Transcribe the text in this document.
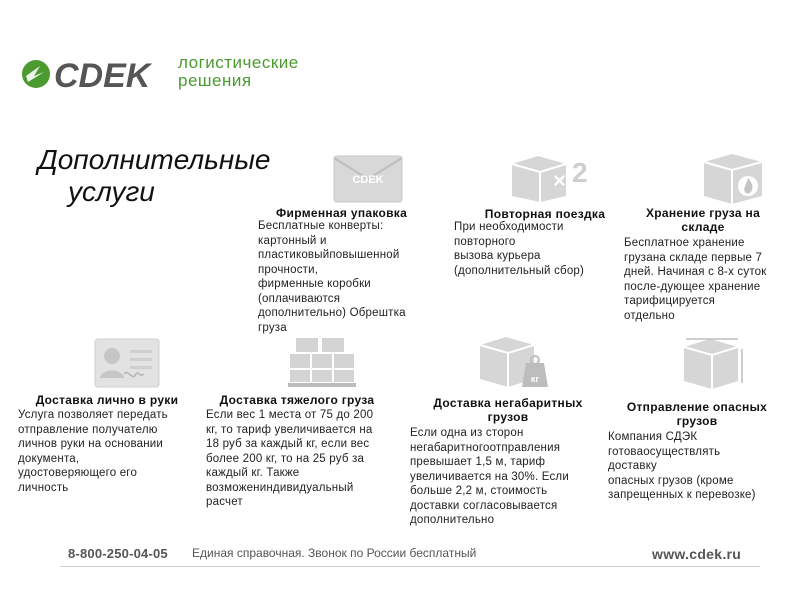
CDEK логистические
решения
Дополнительные
услуги	CDEK
Фирменная упаковка
Бесплатные конверты:
картонный и
пластиковыйповышенной
прочности,
фирменные коробки
(оплачиваются
дополнительно) Обрештка
груза
× 2
Повторная поездка
При необходимости
повторного
вызова курьера
(дополнительный сбор)
Хранение груза на
складе
Бесплатное хранение
грузана складе первые 7
дней. Начиная с 8-х суток
после-дующее хранение
тарифицируется
отдельно
Доставка лично в руки
Услуга позволяет передать
отправление получателю
личнов руки на основании
документа,
удостоверяющего его
личность
Доставка тяжелого груза
Если вес 1 места от 75 до 200
кг, то тариф увеличивается на
18 руб за каждый кг, если вес
более 200 кг, то на 25 руб за
каждый кг. Также
возможениндивидуальный
расчет
кг
Доставка негабаритных
грузов
Если одна из сторон
негабаритногоотправления
превышает 1,5 м, тариф
увеличивается на 30%. Если
больше 2,2 м, стоимость
доставки согласовывается
дополнительно
Отправление опасных
грузов
Компания СДЭК
готоваосуществлять
доставку
опасных грузов (кроме
запрещенных к перевозке)
8-800-250-04-05 Единая справочная. Звонок по России бесплатный	www.cdek.ru
